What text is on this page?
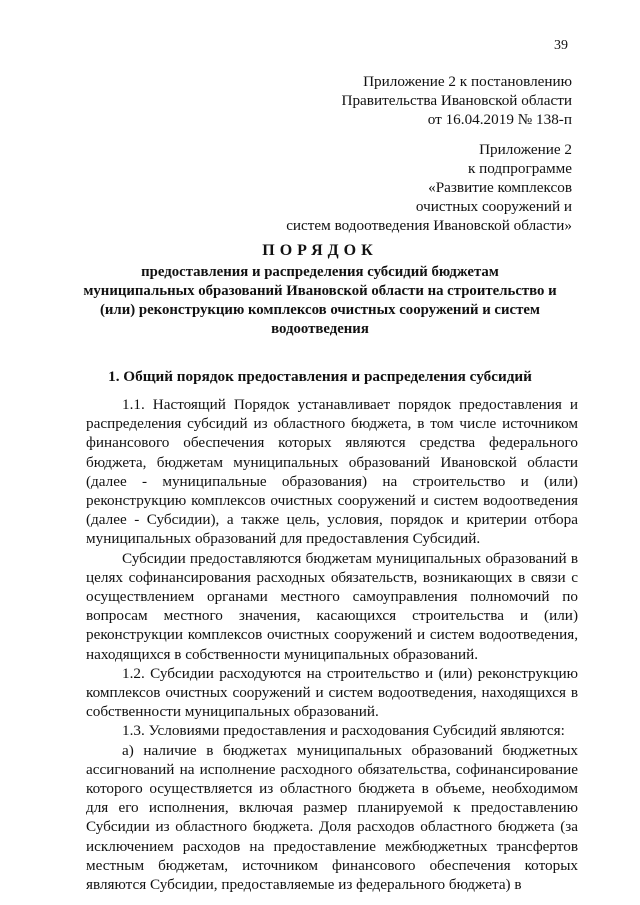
39
Приложение 2 к постановлению
Правительства Ивановской области
от 16.04.2019 № 138-п
Приложение 2
к подпрограмме
«Развитие комплексов
очистных сооружений и
систем водоотведения Ивановской области»
ПОРЯДОК
предоставления и распределения субсидий бюджетам
муниципальных образований Ивановской области на строительство и
(или) реконструкцию комплексов очистных сооружений и систем
водоотведения
1. Общий порядок предоставления и распределения субсидий

1.1. Настоящий Порядок устанавливает порядок предоставления и распределения субсидий из областного бюджета, в том числе источником финансового обеспечения которых являются средства федерального бюджета, бюджетам муниципальных образований Ивановской области (далее - муниципальные образования) на строительство и (или) реконструкцию комплексов очистных сооружений и систем водоотведения (далее - Субсидии), а также цель, условия, порядок и критерии отбора муниципальных образований для предоставления Субсидий.

Субсидии предоставляются бюджетам муниципальных образований в целях софинансирования расходных обязательств, возникающих в связи с осуществлением органами местного самоуправления полномочий по вопросам местного значения, касающихся строительства и (или) реконструкции комплексов очистных сооружений и систем водоотведения, находящихся в собственности муниципальных образований.

1.2. Субсидии расходуются на строительство и (или) реконструкцию комплексов очистных сооружений и систем водоотведения, находящихся в собственности муниципальных образований.

1.3. Условиями предоставления и расходования Субсидий являются:

а) наличие в бюджетах муниципальных образований бюджетных ассигнований на исполнение расходного обязательства, софинансирование которого осуществляется из областного бюджета в объеме, необходимом для его исполнения, включая размер планируемой к предоставлению Субсидии из областного бюджета. Доля расходов областного бюджета (за исключением расходов на предоставление межбюджетных трансфертов местным бюджетам, источником финансового обеспечения которых являются Субсидии, предоставляемые из федерального бюджета) в
